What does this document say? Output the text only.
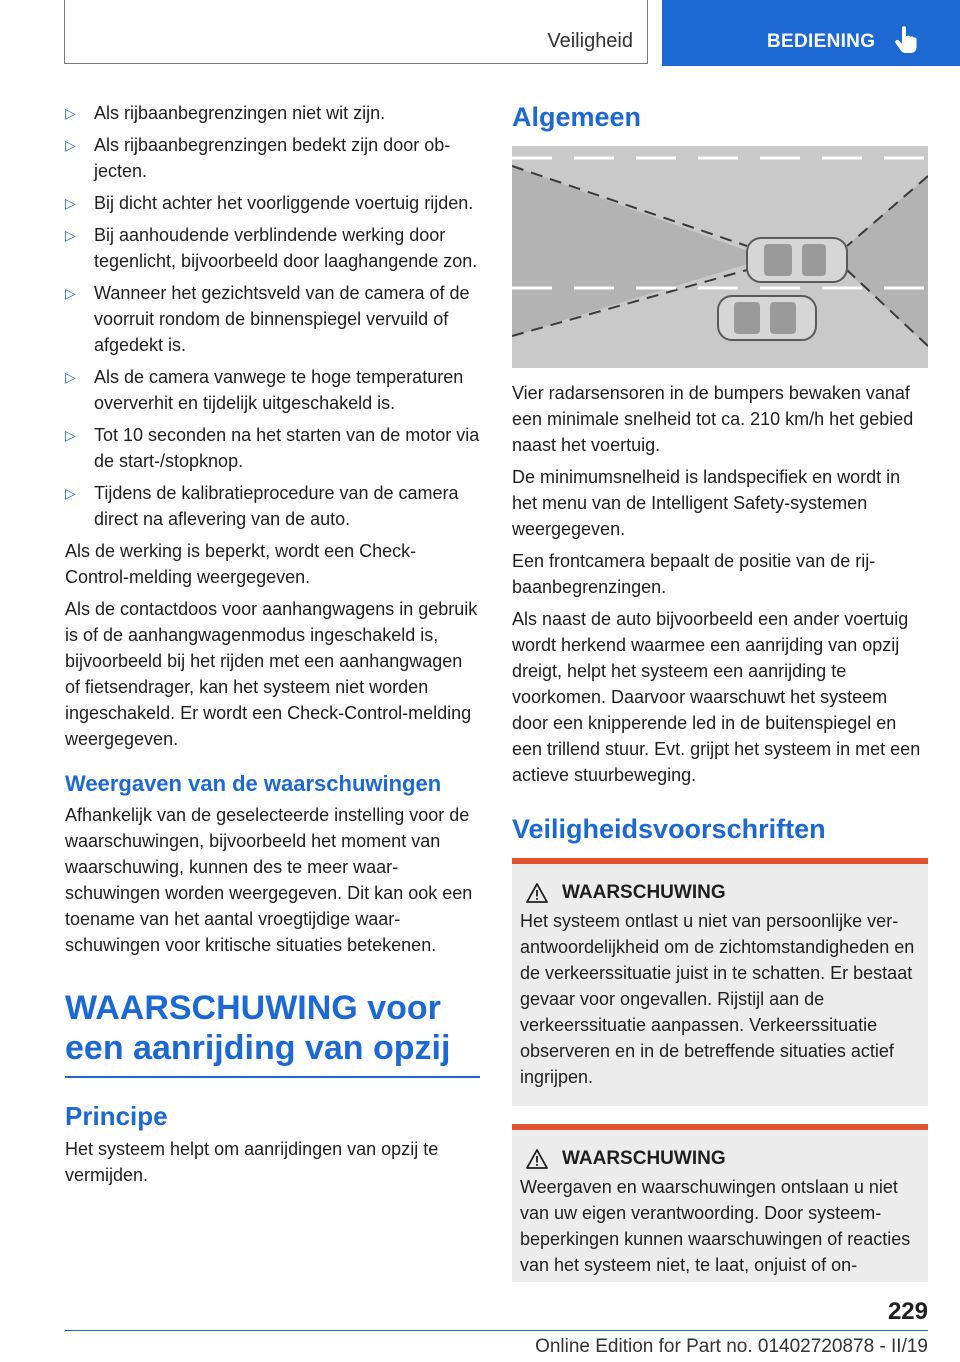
Veiligheid	BEDIENING
▷ Als rijbaanbegrenzingen niet wit zijn.
▷ Als rijbaanbegrenzingen bedekt zijn door objecten.
▷ Bij dicht achter het voorliggende voertuig rijden.
▷ Bij aanhoudende verblindende werking door tegenlicht, bijvoorbeeld door laaghangende zon.
▷ Wanneer het gezichtsveld van de camera of de voorruit rondom de binnenspiegel vervuild of afgedekt is.
▷ Als de camera vanwege te hoge temperaturen oververhit en tijdelijk uitgeschakeld is.
▷ Tot 10 seconden na het starten van de motor via de start-/stopknop.
▷ Tijdens de kalibratieprocedure van de camera direct na aflevering van de auto.

Als de werking is beperkt, wordt een Check-Control-melding weergegeven.

Als de contactdoos voor aanhangwagens in gebruik is of de aanhangwagenmodus ingeschakeld is, bijvoorbeeld bij het rijden met een aanhangwagen of fietsendrager, kan het systeem niet worden ingeschakeld. Er wordt een Check-Control-melding weergegeven.

Weergaven van de waarschuwingen

Afhankelijk van de geselecteerde instelling voor de waarschuwingen, bijvoorbeeld het moment van waarschuwing, kunnen des te meer waarschuwingen worden weergegeven. Dit kan ook een toename van het aantal vroegtijdige waarschuwingen voor kritische situaties betekenen.

WAARSCHUWING voor een aanrijding van opzij
Principe

Het systeem helpt om aanrijdingen van opzij te vermijden.

Algemeen

Vier radarsensoren in de bumpers bewaken vanaf een minimale snelheid tot ca. 210 km/h het gebied naast het voertuig.

De minimumsnelheid is landspecifiek en wordt in het menu van de Intelligent Safety-systemen weergegeven.

Een frontcamera bepaalt de positie van de rijbaanbegrenzingen.

Als naast de auto bijvoorbeeld een ander voertuig wordt herkend waarmee een aanrijding van opzij dreigt, helpt het systeem een aanrijding te voorkomen. Daarvoor waarschuwt het systeem door een knipperende led in de buitenspiegel en een trillend stuur. Evt. grijpt het systeem in met een actieve stuurbeweging.

Veiligheidsvoorschriften
WAARSCHUWING

Het systeem ontlast u niet van persoonlijke verantwoordelijkheid om de zichtomstandigheden en de verkeerssituatie juist in te schatten. Er bestaat gevaar voor ongevallen. Rijstijl aan de verkeerssituatie aanpassen. Verkeerssituatie observeren en in de betreffende situaties actief ingrijpen.

WAARSCHUWING

Weergaven en waarschuwingen ontslaan u niet van uw eigen verantwoording. Door systeembeperkingen kunnen waarschuwingen of reacties van het systeem niet, te laat, onjuist of on-

229
Online Edition for Part no. 01402720878 - II/19
